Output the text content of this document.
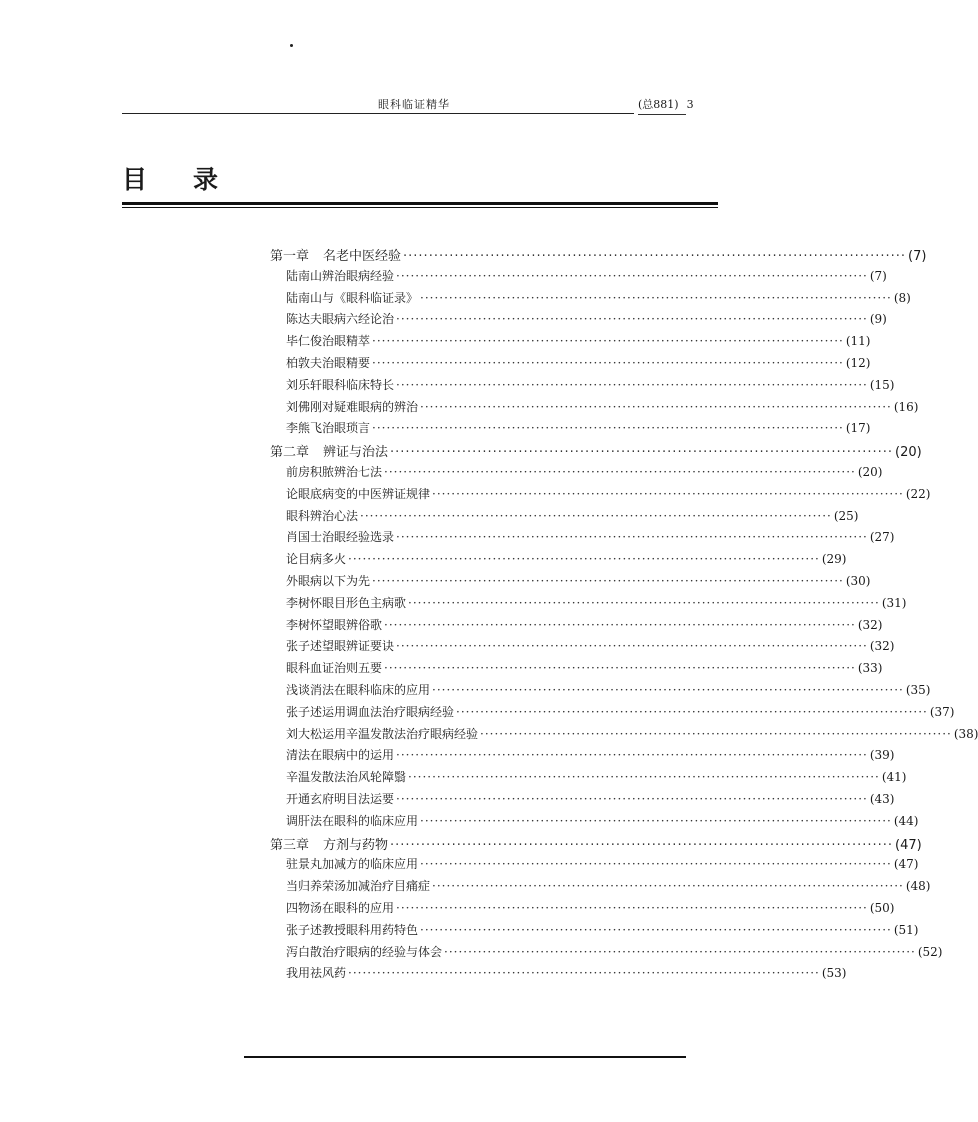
眼科临证精华	(总881) 3
目 录
第一章 名老中医经验 ·································································································· (7)
陆南山辨治眼病经验 ·································································································· (7)
陆南山与《眼科临证录》 ·································································································· (8)
陈达夫眼病六经论治 ·································································································· (9)
毕仁俊治眼精萃 ·································································································· (11)
柏敦夫治眼精要 ·································································································· (12)
刘乐轩眼科临床特长 ·································································································· (15)
刘佛刚对疑难眼病的辨治 ·································································································· (16)
李熊飞治眼琐言 ·································································································· (17)
第二章 辨证与治法 ·································································································· (20)
前房积脓辨治七法 ·································································································· (20)
论眼底病变的中医辨证规律 ·································································································· (22)
眼科辨治心法 ·································································································· (25)
肖国士治眼经验选录 ·································································································· (27)
论目病多火 ·································································································· (29)
外眼病以下为先 ·································································································· (30)
李树怀眼目形色主病歌 ·································································································· (31)
李树怀望眼辨俗歌 ·································································································· (32)
张子述望眼辨证要诀 ·································································································· (32)
眼科血证治则五要 ·································································································· (33)
浅谈消法在眼科临床的应用 ·································································································· (35)
张子述运用调血法治疗眼病经验 ·································································································· (37)
刘大松运用辛温发散法治疗眼病经验 ·································································································· (38)
清法在眼病中的运用 ·································································································· (39)
辛温发散法治风轮障翳 ·································································································· (41)
开通玄府明目法运要 ·································································································· (43)
调肝法在眼科的临床应用 ·································································································· (44)
第三章 方剂与药物 ·································································································· (47)
驻景丸加减方的临床应用 ·································································································· (47)
当归养荣汤加减治疗目痛症 ·································································································· (48)
四物汤在眼科的应用 ·································································································· (50)
张子述教授眼科用药特色 ·································································································· (51)
泻白散治疗眼病的经验与体会 ·································································································· (52)
我用祛风药 ·································································································· (53)
